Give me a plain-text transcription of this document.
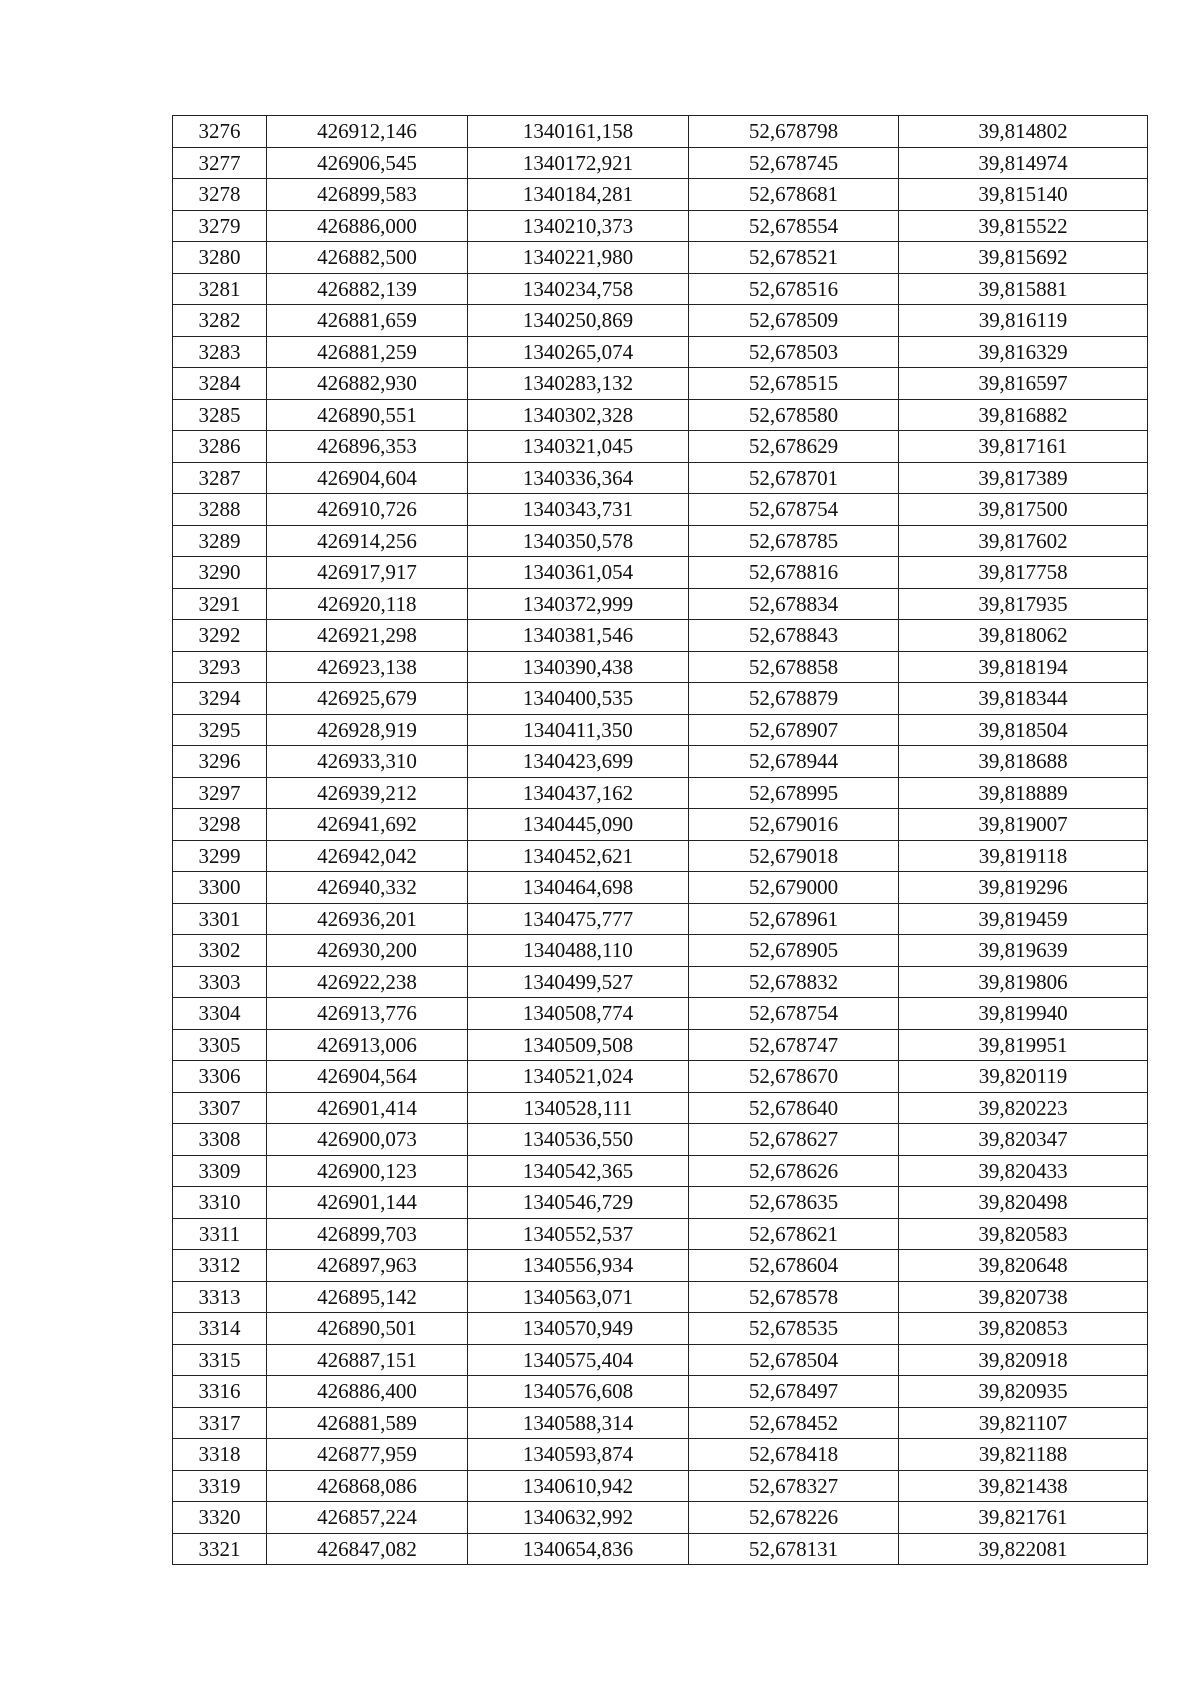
3276	426912,146	1340161,158	52,678798	39,814802
3277	426906,545	1340172,921	52,678745	39,814974
3278	426899,583	1340184,281	52,678681	39,815140
3279	426886,000	1340210,373	52,678554	39,815522
3280	426882,500	1340221,980	52,678521	39,815692
3281	426882,139	1340234,758	52,678516	39,815881
3282	426881,659	1340250,869	52,678509	39,816119
3283	426881,259	1340265,074	52,678503	39,816329
3284	426882,930	1340283,132	52,678515	39,816597
3285	426890,551	1340302,328	52,678580	39,816882
3286	426896,353	1340321,045	52,678629	39,817161
3287	426904,604	1340336,364	52,678701	39,817389
3288	426910,726	1340343,731	52,678754	39,817500
3289	426914,256	1340350,578	52,678785	39,817602
3290	426917,917	1340361,054	52,678816	39,817758
3291	426920,118	1340372,999	52,678834	39,817935
3292	426921,298	1340381,546	52,678843	39,818062
3293	426923,138	1340390,438	52,678858	39,818194
3294	426925,679	1340400,535	52,678879	39,818344
3295	426928,919	1340411,350	52,678907	39,818504
3296	426933,310	1340423,699	52,678944	39,818688
3297	426939,212	1340437,162	52,678995	39,818889
3298	426941,692	1340445,090	52,679016	39,819007
3299	426942,042	1340452,621	52,679018	39,819118
3300	426940,332	1340464,698	52,679000	39,819296
3301	426936,201	1340475,777	52,678961	39,819459
3302	426930,200	1340488,110	52,678905	39,819639
3303	426922,238	1340499,527	52,678832	39,819806
3304	426913,776	1340508,774	52,678754	39,819940
3305	426913,006	1340509,508	52,678747	39,819951
3306	426904,564	1340521,024	52,678670	39,820119
3307	426901,414	1340528,111	52,678640	39,820223
3308	426900,073	1340536,550	52,678627	39,820347
3309	426900,123	1340542,365	52,678626	39,820433
3310	426901,144	1340546,729	52,678635	39,820498
3311	426899,703	1340552,537	52,678621	39,820583
3312	426897,963	1340556,934	52,678604	39,820648
3313	426895,142	1340563,071	52,678578	39,820738
3314	426890,501	1340570,949	52,678535	39,820853
3315	426887,151	1340575,404	52,678504	39,820918
3316	426886,400	1340576,608	52,678497	39,820935
3317	426881,589	1340588,314	52,678452	39,821107
3318	426877,959	1340593,874	52,678418	39,821188
3319	426868,086	1340610,942	52,678327	39,821438
3320	426857,224	1340632,992	52,678226	39,821761
3321	426847,082	1340654,836	52,678131	39,822081
